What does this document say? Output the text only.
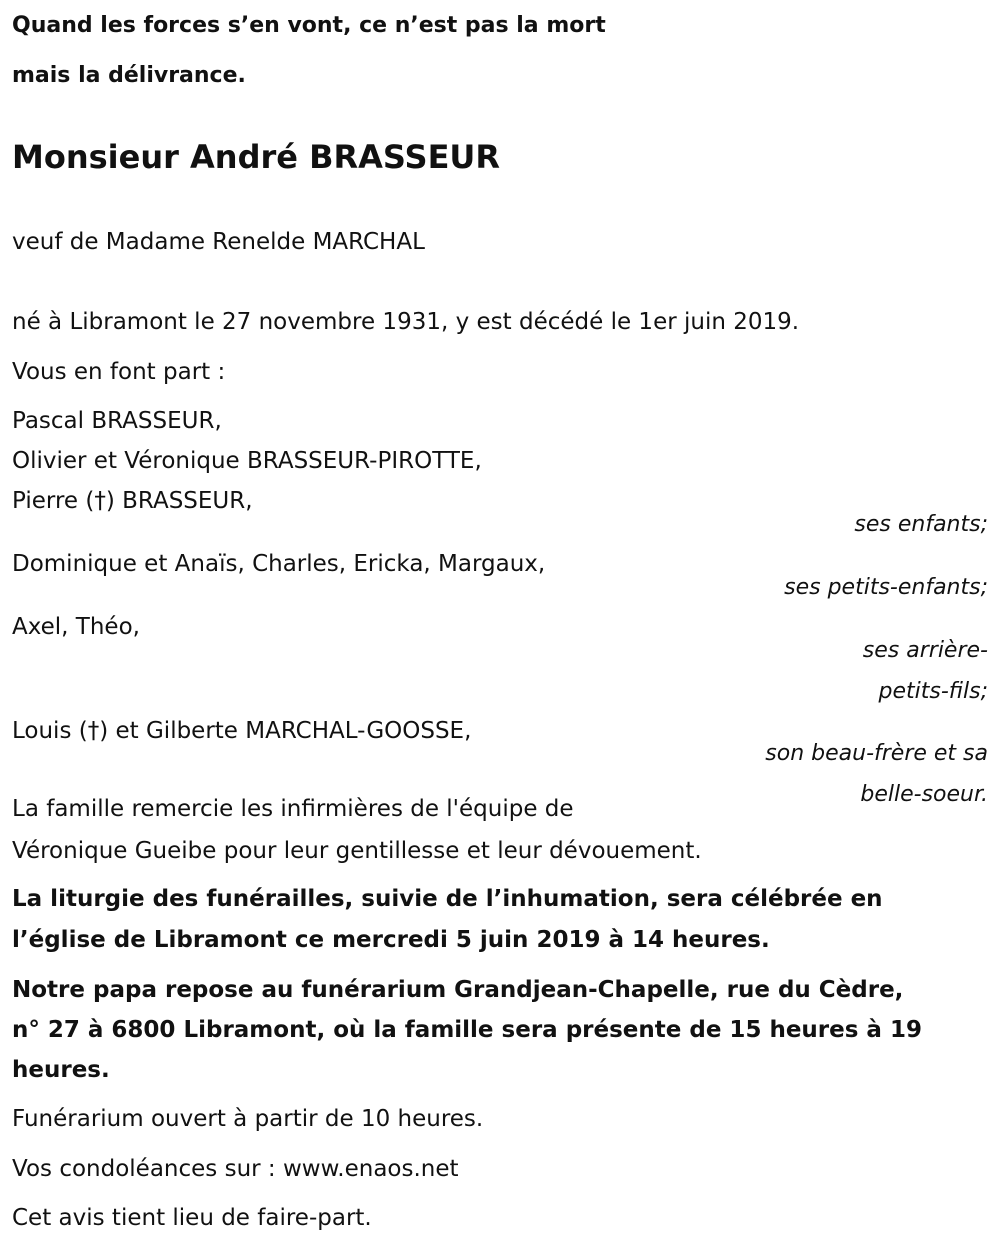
Quand les forces s’en vont, ce n’est pas la mort
mais la délivrance.
Monsieur André BRASSEUR
veuf de Madame Renelde MARCHAL
né à Libramont le 27 novembre 1931, y est décédé le 1er juin 2019.
Vous en font part :
Pascal BRASSEUR,
Olivier et Véronique BRASSEUR-PIROTTE,
Pierre (†) BRASSEUR,
ses enfants;
Dominique et Anaïs, Charles, Ericka, Margaux,
ses petits-enfants;
Axel, Théo,
ses arrière-
petits-fils;
Louis (†) et Gilberte MARCHAL-GOOSSE,
son beau-frère et sa
belle-soeur.
La famille remercie les infirmières de l'équipe de
Véronique Gueibe pour leur gentillesse et leur dévouement.
La liturgie des funérailles, suivie de l’inhumation, sera célébrée en
l’église de Libramont ce mercredi 5 juin 2019 à 14 heures.
Notre papa repose au funérarium Grandjean-Chapelle, rue du Cèdre,
n° 27 à 6800 Libramont, où la famille sera présente de 15 heures à 19
heures.
Funérarium ouvert à partir de 10 heures.
Vos condoléances sur : www.enaos.net
Cet avis tient lieu de faire-part.
